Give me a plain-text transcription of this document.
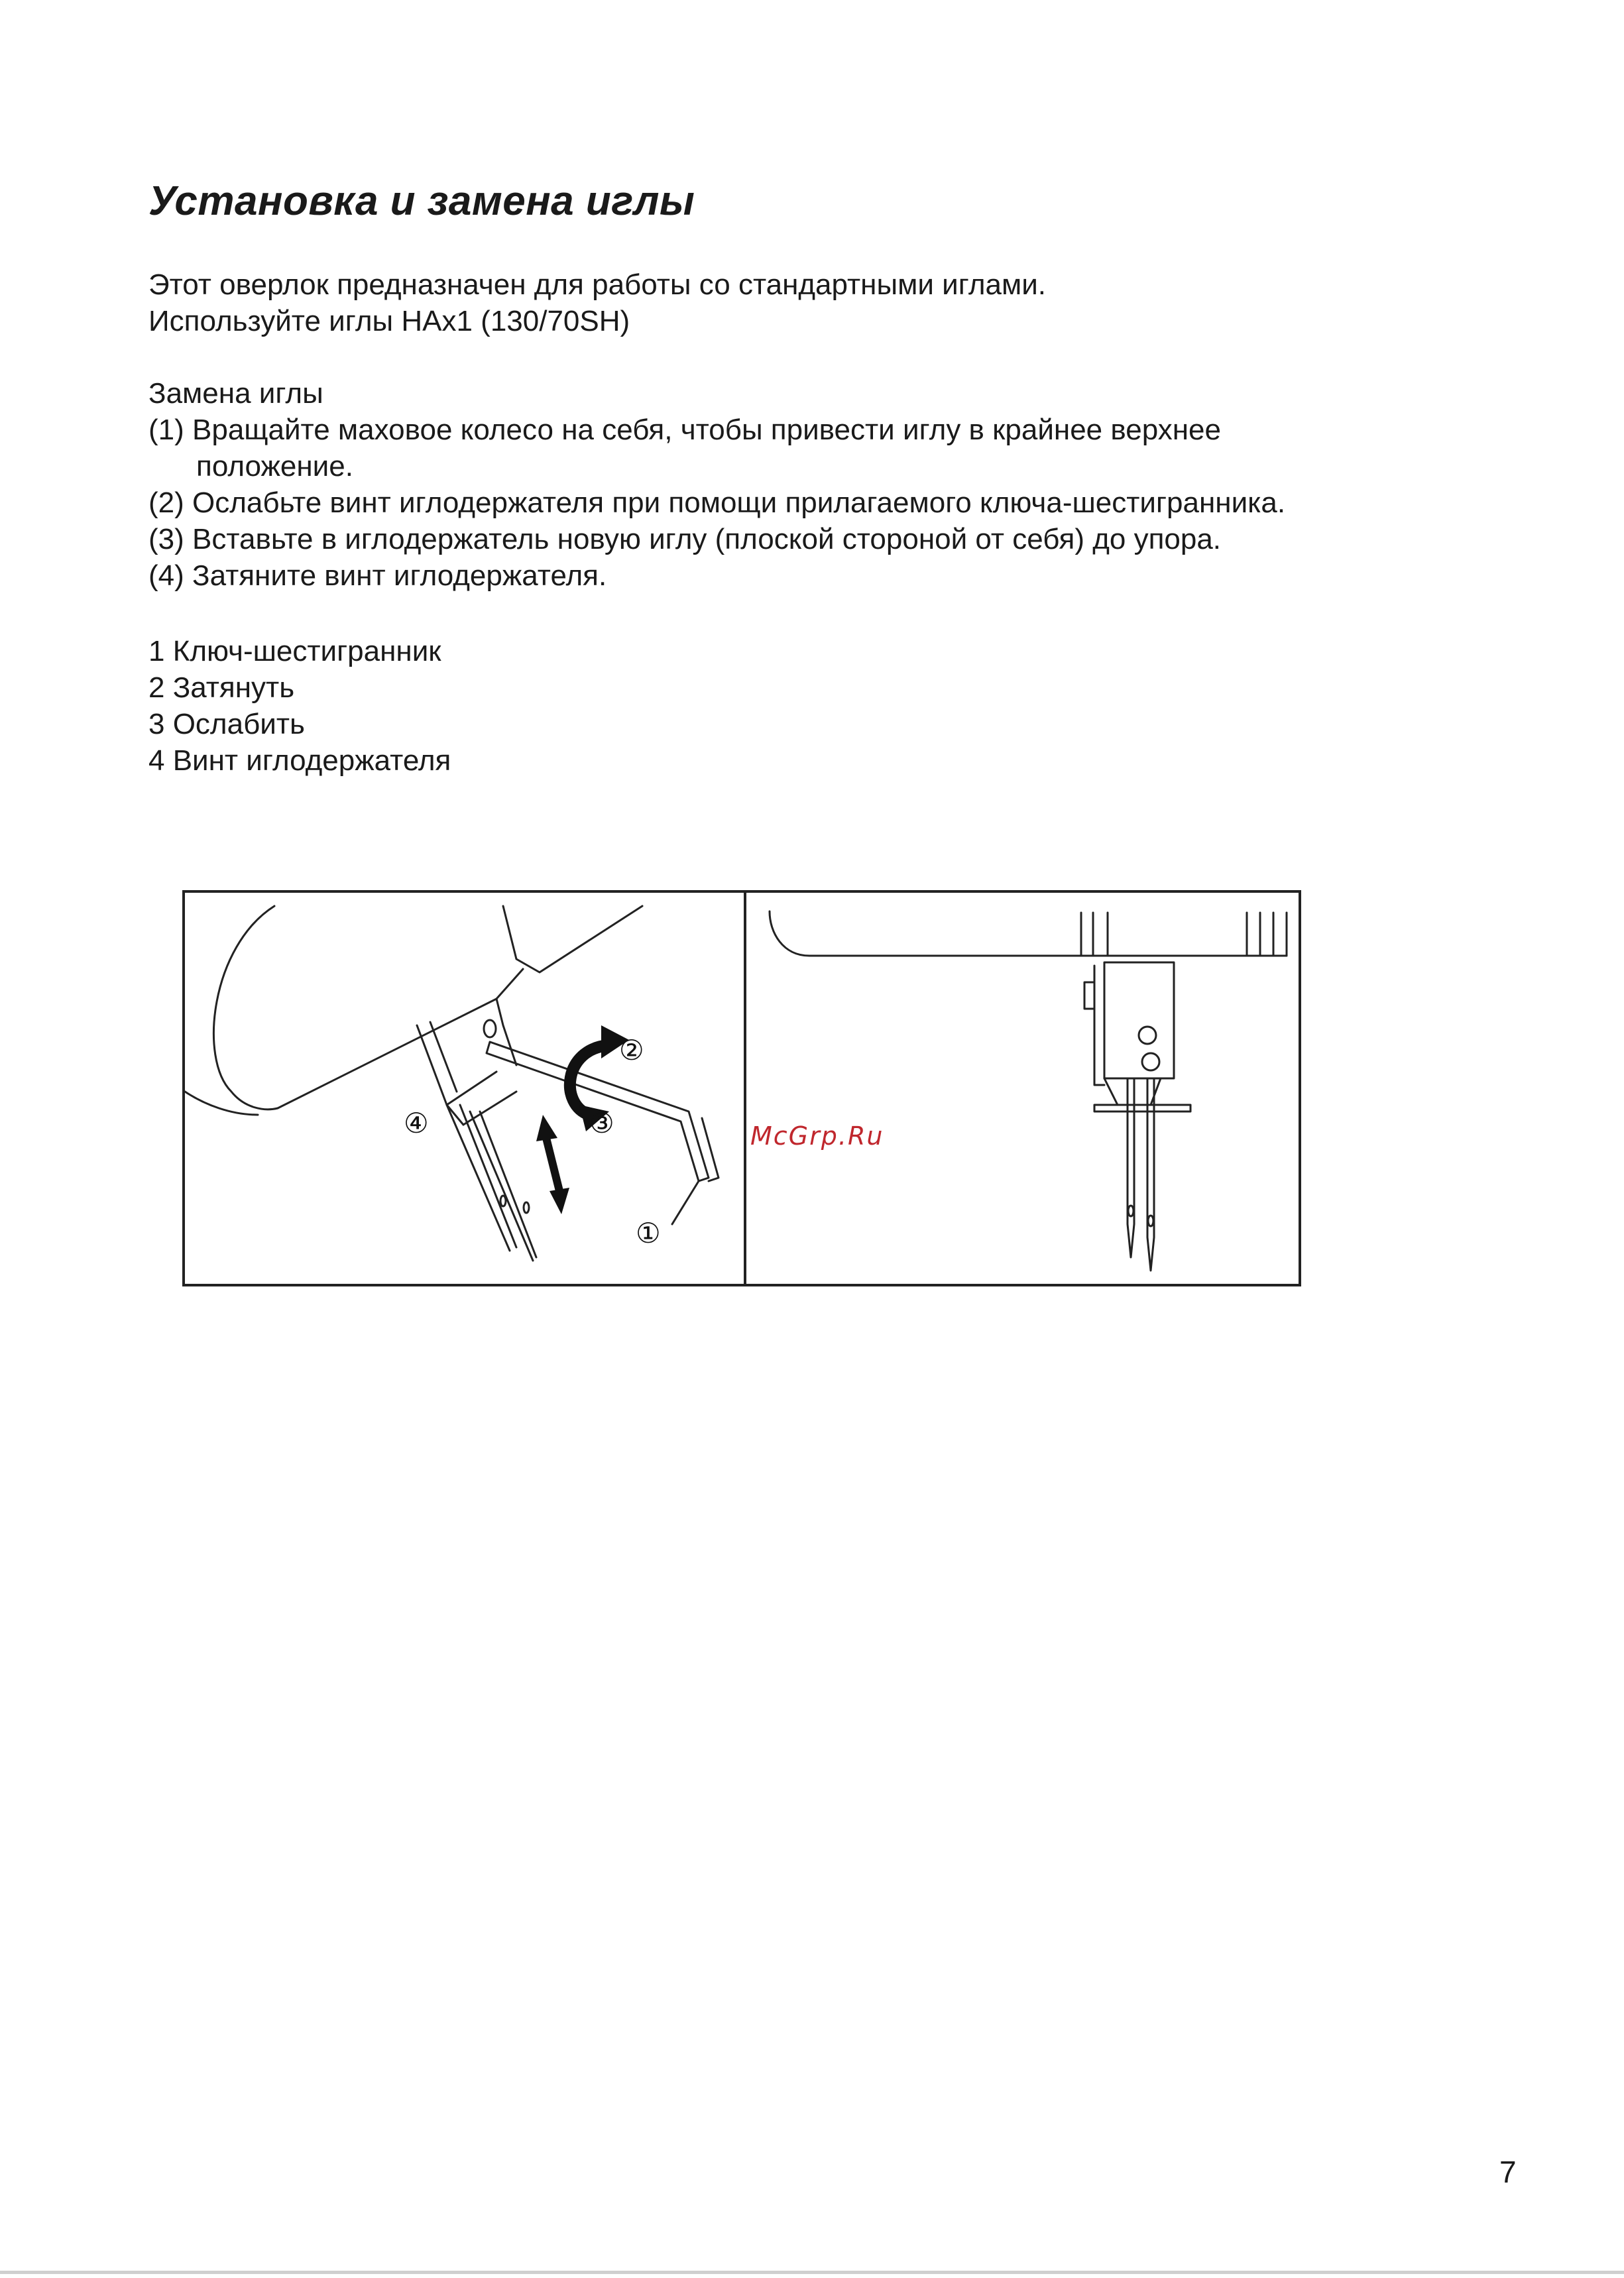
Установка и замена иглы
Этот оверлок предназначен для работы со стандартными иглами.
Используйте иглы HAx1 (130/70SH)
Замена иглы
(1) Вращайте маховое колесо на себя, чтобы привести иглу в крайнее верхнее
положение.
(2) Ослабьте винт иглодержателя при помощи прилагаемого ключа-шестигранника.
(3) Вставьте в иглодержатель новую иглу (плоской стороной от себя) до упора.
(4) Затяните винт иглодержателя.
1 Ключ-шестигранник
2 Затянуть
3 Ослабить
4 Винт иглодержателя
②
③
④
①
McGrp.Ru
7
